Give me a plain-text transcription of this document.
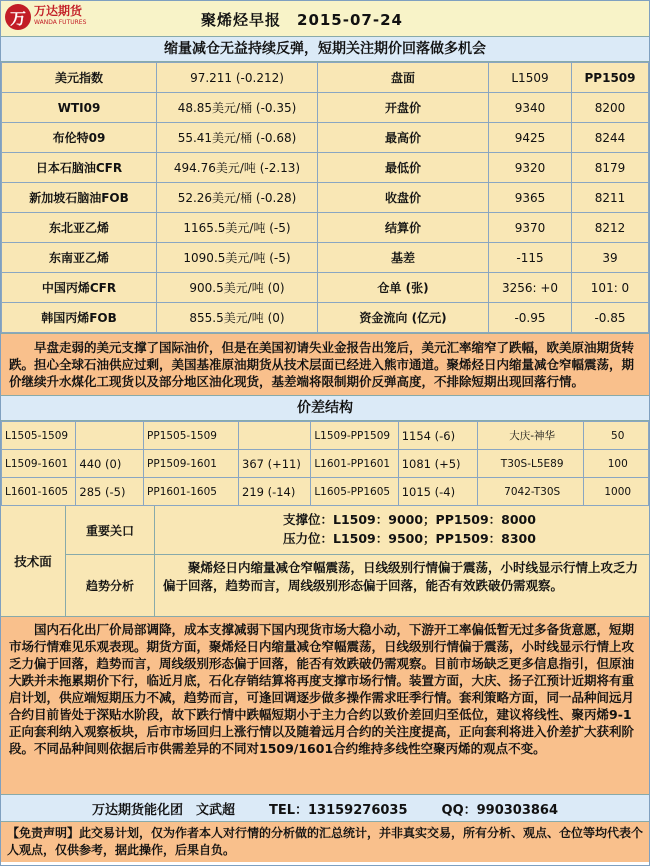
万 万达期货
WANDA FUTURES	聚烯烃早报　2015-07-24
缩量减仓无益持续反弹，短期关注期价回落做多机会
美元指数	97.211 (-0.212)	盘面	L1509	PP1509
WTI09	48.85美元/桶 (-0.35)	开盘价	9340	8200
布伦特09	55.41美元/桶 (-0.68)	最高价	9425	8244
日本石脑油CFR	494.76美元/吨 (-2.13)	最低价	9320	8179
新加坡石脑油FOB	52.26美元/桶 (-0.28)	收盘价	9365	8211
东北亚乙烯	1165.5美元/吨 (-5)	结算价	9370	8212
东南亚乙烯	1090.5美元/吨 (-5)	基差	-115	39
中国丙烯CFR	900.5美元/吨 (0)	仓单 (张)	3256: +0	101: 0
韩国丙烯FOB	855.5美元/吨 (0)	资金流向 (亿元)	-0.95	-0.85
早盘走弱的美元支撑了国际油价，但是在美国初请失业金报告出笼后，美元汇率缩窄了跌幅，欧美原油期货转跌。担心全球石油供应过剩，美国基准原油期货从技术层面已经进入熊市通道。聚烯烃日内缩量减仓窄幅震荡，期价继续升水煤化工现货以及部分地区油化现货，基差端将限制期价反弹高度，不排除短期出现回落行情。
价差结构
L1505-1509		PP1505-1509		L1509-PP1509	1154 (-6)	大庆-神华	50
L1509-1601	440 (0)	PP1509-1601	367 (+11)	L1601-PP1601	1081 (+5)	T30S-L5E89	100
L1601-1605	285 (-5)	PP1601-1605	219 (-14)	L1605-PP1605	1015 (-4)	7042-T30S	1000
技术面
重要关口
支撑位：L1509：9000；PP1509：8000
压力位：L1509：9500；PP1509：8300
趋势分析
聚烯烃日内缩量减仓窄幅震荡，日线级别行情偏于震荡，小时线显示行情上攻乏力偏于回落，趋势而言，周线级别形态偏于回落，能否有效跌破仍需观察。
国内石化出厂价局部调降，成本支撑减弱下国内现货市场大稳小动，下游开工率偏低暂无过多备货意愿，短期市场行情难见乐观表现。期货方面，聚烯烃日内缩量减仓窄幅震荡，日线级别行情偏于震荡，小时线显示行情上攻乏力偏于回落，趋势而言，周线级别形态偏于回落，能否有效跌破仍需观察。目前市场缺乏更多信息指引，但原油大跌并未拖累期价下行，临近月底，石化存销结算将再度支撑市场行情。装置方面，大庆、扬子江预计近期将有重启计划，供应端短期压力不减，趋势而言，可逢回调逐步做多操作需求旺季行情。套利策略方面，同一品种间远月合约目前皆处于深贴水阶段，故下跌行情中跌幅短期小于主力合约以致价差回归至低位，建议将线性、聚丙烯9-1正向套利纳入观察板块，后市市场回归上涨行情以及随着远月合约的关注度提高，正向套利将进入价差扩大获利阶段。不同品种间则依据后市供需差异的不同对1509/1601合约维持多线性空聚丙烯的观点不变。
万达期货能化团　文武超	TEL：13159276035	QQ：990303864
【免责声明】此交易计划，仅为作者本人对行情的分析做的汇总统计，并非真实交易，所有分析、观点、仓位等均代表个人观点，仅供参考，据此操作，后果自负。
